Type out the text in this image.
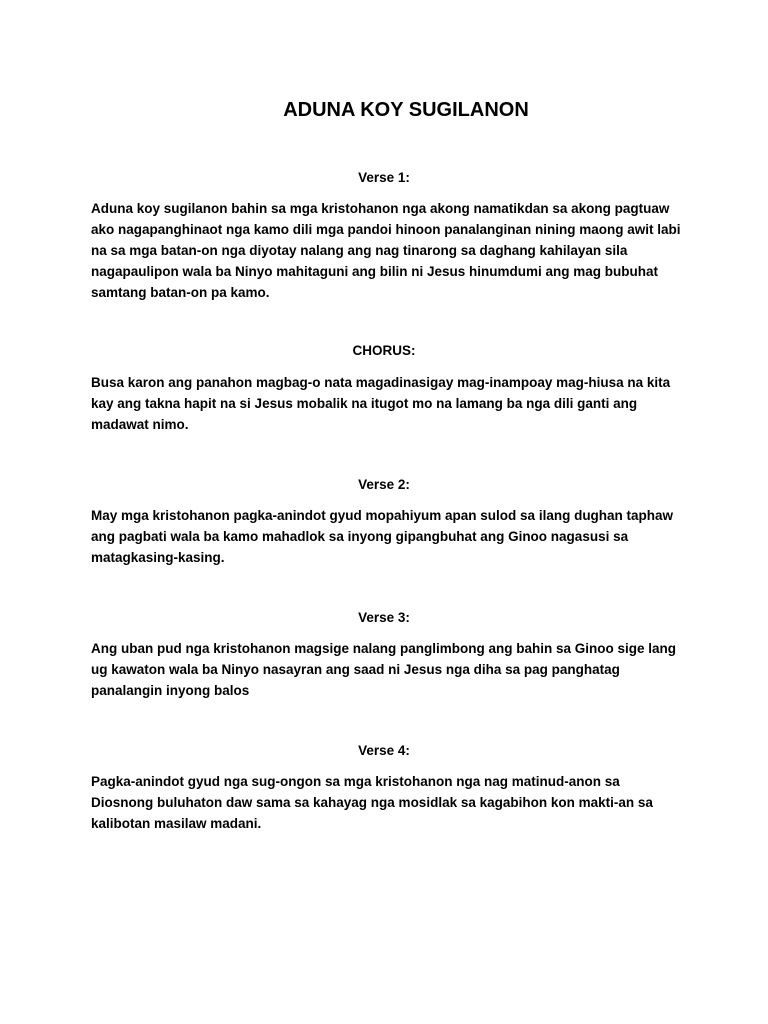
ADUNA KOY SUGILANON

Verse 1:

Aduna koy sugilanon bahin sa mga kristohanon nga akong namatikdan sa akong pagtuaw ako nagapanghinaot nga kamo dili mga pandoi hinoon panalanginan nining maong awit labi na sa mga batan-on nga diyotay nalang ang nag tinarong sa daghang kahilayan sila nagapaulipon wala ba Ninyo mahitaguni ang bilin ni Jesus hinumdumi ang mag bubuhat samtang batan-on pa kamo.

CHORUS:

Busa karon ang panahon magbag-o nata magadinasigay mag-inampoay mag-hiusa na kita kay ang takna hapit na si Jesus mobalik na itugot mo na lamang ba nga dili ganti ang madawat nimo.

Verse 2:

May mga kristohanon pagka-anindot gyud mopahiyum apan sulod sa ilang dughan taphaw ang pagbati wala ba kamo mahadlok sa inyong gipangbuhat ang Ginoo nagasusi sa matagkasing-kasing.

Verse 3:

Ang uban pud nga kristohanon magsige nalang panglimbong ang bahin sa Ginoo sige lang ug kawaton wala ba Ninyo nasayran ang saad ni Jesus nga diha sa pag panghatag panalangin inyong balos

Verse 4:

Pagka-anindot gyud nga sug-ongon sa mga kristohanon nga nag matinud-anon sa Diosnong buluhaton daw sama sa kahayag nga mosidlak sa kagabihon kon makti-an sa kalibotan masilaw madani.
